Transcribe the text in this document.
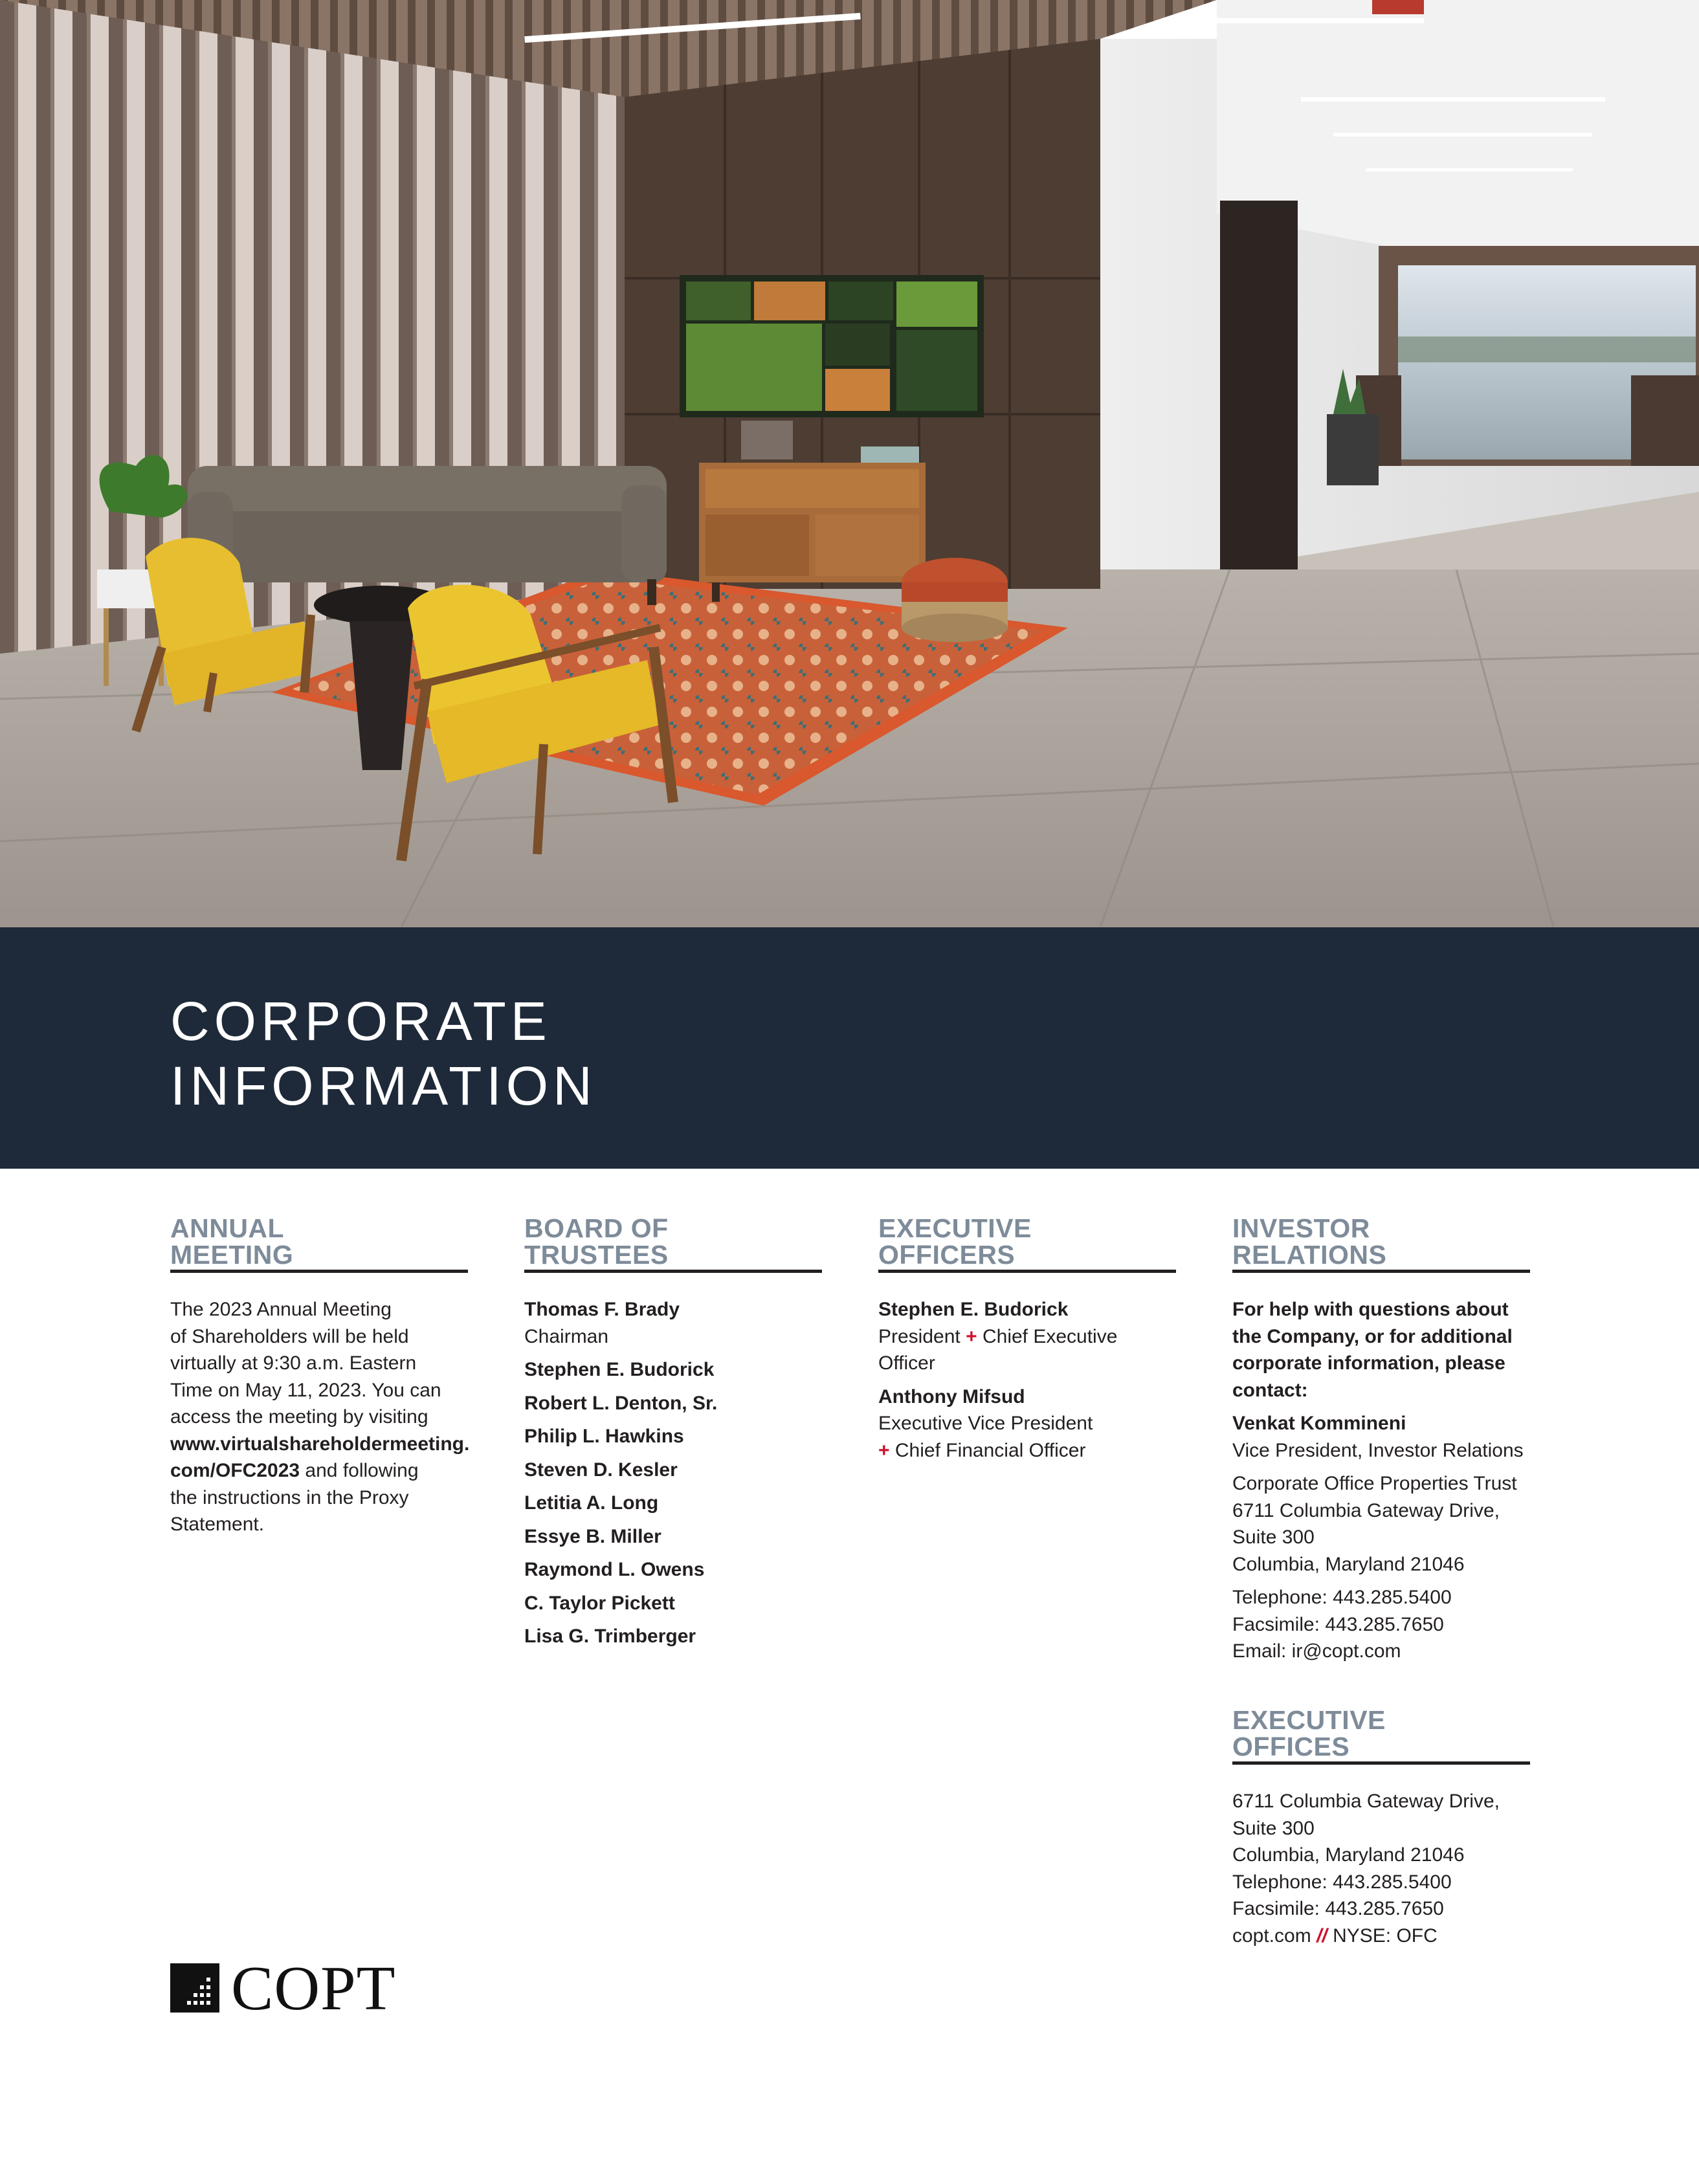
CORPORATE
INFORMATION
ANNUAL
MEETING

The 2023 Annual Meeting

of Shareholders will be held

virtually at 9:30 a.m. Eastern

Time on May 11, 2023. You can

access the meeting by visiting

www.virtualshareholdermeeting.

com/OFC2023 and following

the instructions in the Proxy

Statement.

BOARD OF
TRUSTEES

Thomas F. Brady

Chairman

Stephen E. Budorick

Robert L. Denton, Sr.

Philip L. Hawkins

Steven D. Kesler

Letitia A. Long

Essye B. Miller

Raymond L. Owens

C. Taylor Pickett

Lisa G. Trimberger

EXECUTIVE
OFFICERS

Stephen E. Budorick

President + Chief Executive

Officer

Anthony Mifsud

Executive Vice President

+ Chief Financial Officer

INVESTOR
RELATIONS

For help with questions about

the Company, or for additional

corporate information, please

contact:

Venkat Kommineni

Vice President, Investor Relations

Corporate Office Properties Trust

6711 Columbia Gateway Drive,

Suite 300

Columbia, Maryland 21046

Telephone: 443.285.5400

Facsimile: 443.285.7650

Email: ir@copt.com

EXECUTIVE
OFFICES

6711 Columbia Gateway Drive,

Suite 300

Columbia, Maryland 21046

Telephone: 443.285.5400

Facsimile: 443.285.7650

copt.com // NYSE: OFC

COPT
